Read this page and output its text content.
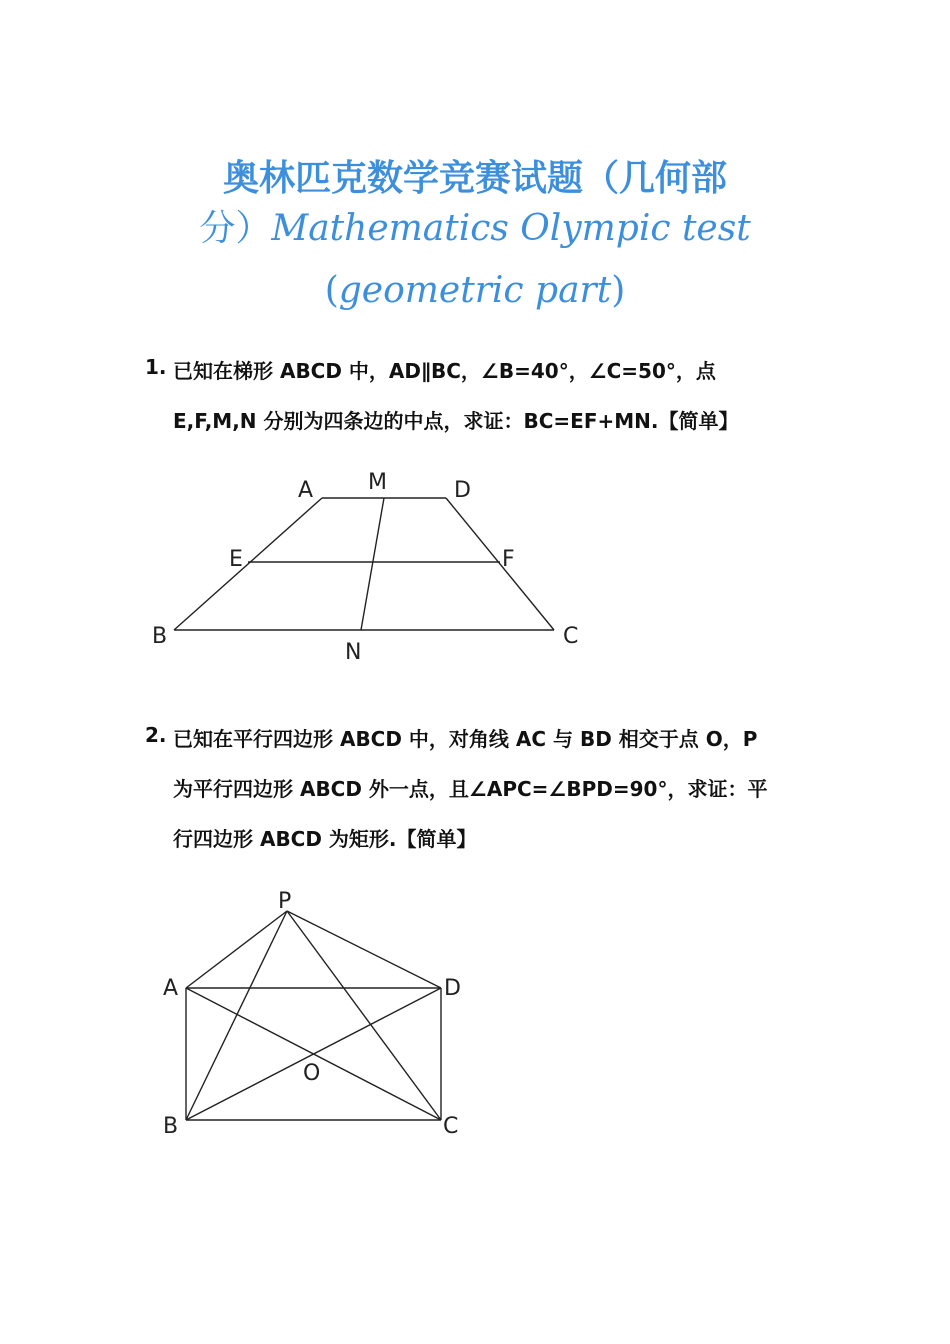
奥林匹克数学竞赛试题（几何部
分）Mathematics Olympic test
(geometric part)
1. 已知在梯形 ABCD 中，AD∥BC，∠B=40°，∠C=50°，点
E,F,M,N 分别为四条边的中点，求证：BC=EF+MN.【简单】
2. 已知在平行四边形 ABCD 中，对角线 AC 与 BD 相交于点 O，P
为平行四边形 ABCD 外一点，且∠APC=∠BPD=90°，求证：平
行四边形 ABCD 为矩形.【简单】
A M	D
E	F
B
N
C
P
A	D
O
B	C
